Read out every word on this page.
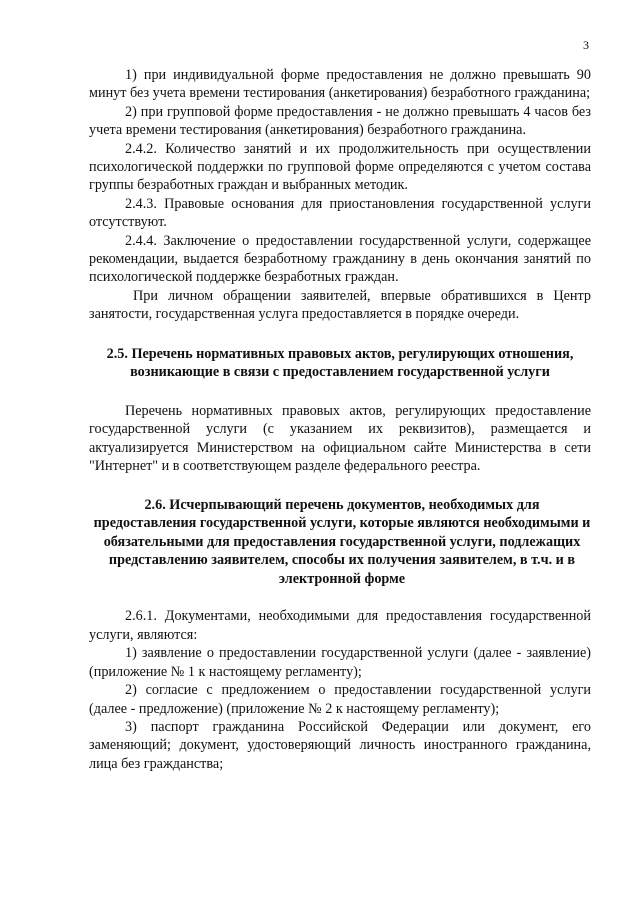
3

1) при индивидуальной форме предоставления не должно превышать 90 минут без учета времени тестирования (анкетирования) безработного гражданина;

2) при групповой форме предоставления - не должно превышать 4 часов без учета времени тестирования (анкетирования) безработного гражданина.

2.4.2. Количество занятий и их продолжительность при осуществлении психологической поддержки по групповой форме определяются с учетом состава группы безработных граждан и выбранных методик.

2.4.3. Правовые основания для приостановления государственной услуги отсутствуют.

2.4.4. Заключение о предоставлении государственной услуги, содержащее рекомендации, выдается безработному гражданину в день окончания занятий по психологической поддержке безработных граждан.

При личном обращении заявителей, впервые обратившихся в Центр занятости, государственная услуга предоставляется в порядке очереди.

2.5. Перечень нормативных правовых актов, регулирующих отношения, возникающие в связи с предоставлением государственной услуги

Перечень нормативных правовых актов, регулирующих предоставление государственной услуги (с указанием их реквизитов), размещается и актуализируется Министерством на официальном сайте Министерства в сети "Интернет" и в соответствующем разделе федерального реестра.

2.6. Исчерпывающий перечень документов, необходимых для предоставления государственной услуги, которые являются необходимыми и обязательными для предоставления государственной услуги, подлежащих представлению заявителем, способы их получения заявителем, в т.ч. и в электронной форме

2.6.1. Документами, необходимыми для предоставления государственной услуги, являются:

1) заявление о предоставлении государственной услуги (далее - заявление) (приложение № 1 к настоящему регламенту);

2) согласие с предложением о предоставлении государственной услуги (далее - предложение) (приложение № 2 к настоящему регламенту);

3) паспорт гражданина Российской Федерации или документ, его заменяющий; документ, удостоверяющий личность иностранного гражданина, лица без гражданства;
